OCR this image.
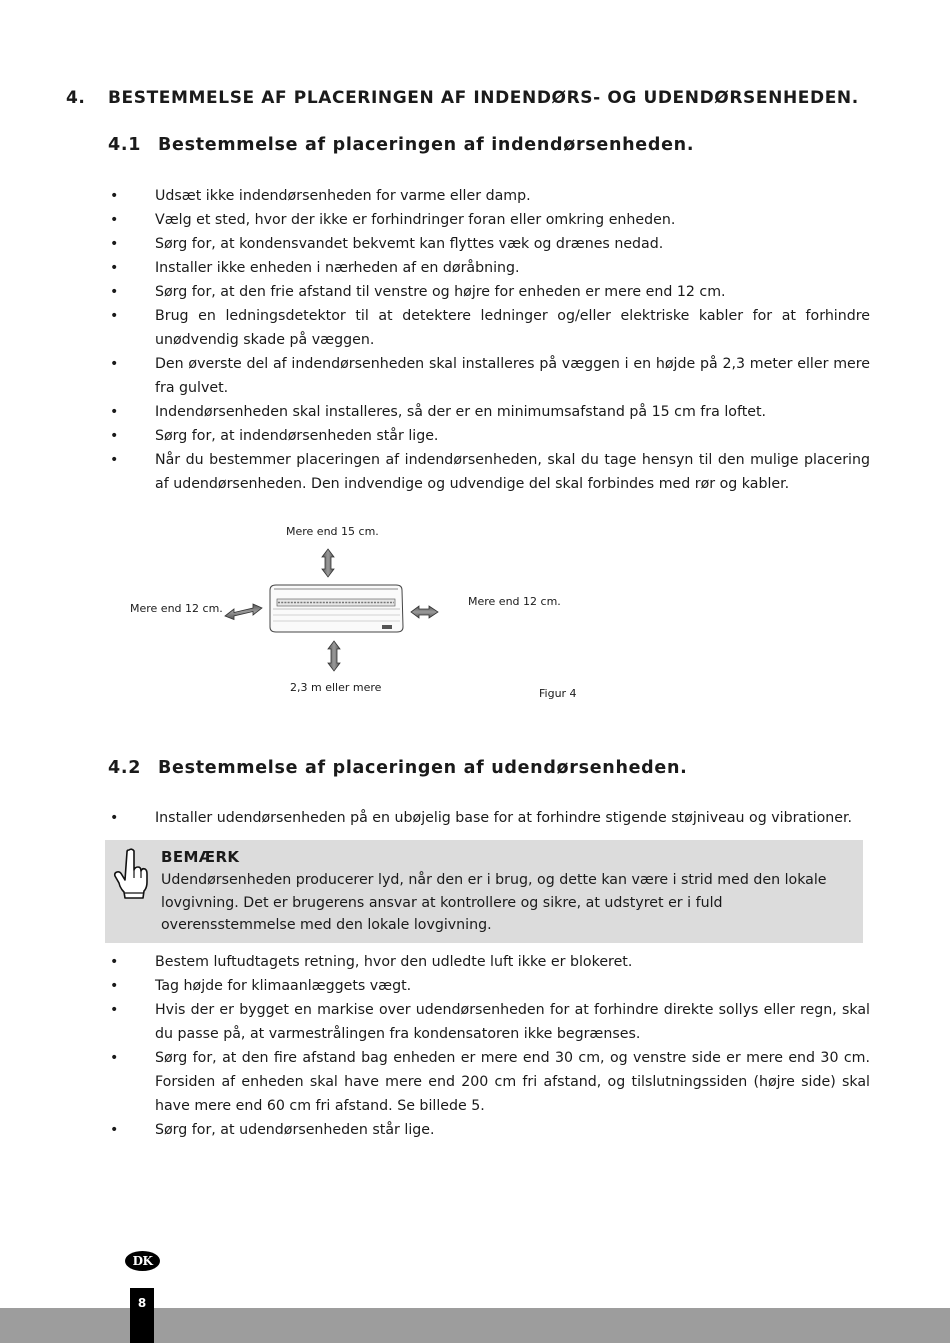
4. BESTEMMELSE AF PLACERINGEN AF INDENDØRS- OG UDENDØRSENHEDEN.
4.1 Bestemmelse af placeringen af indendørsenheden.
•	Udsæt ikke indendørsenheden for varme eller damp.
•	Vælg et sted, hvor der ikke er forhindringer foran eller omkring enheden.
•	Sørg for, at kondensvandet bekvemt kan flyttes væk og drænes nedad.
•	Installer ikke enheden i nærheden af en døråbning.
•	Sørg for, at den frie afstand til venstre og højre for enheden er mere end 12 cm.
•	Brug en ledningsdetektor til at detektere ledninger og/eller elektriske kabler for at forhindre unødvendig skade på væggen.
•	Den øverste del af indendørsenheden skal installeres på væggen i en højde på 2,3 meter eller mere fra gulvet.
•	Indendørsenheden skal installeres, så der er en minimumsafstand på 15 cm fra loftet.
•	Sørg for, at indendørsenheden står lige.
•	Når du bestemmer placeringen af indendørsenheden, skal du tage hensyn til den mulige placering af udendørsenheden. Den indvendige og udvendige del skal forbindes med rør og kabler.
Mere end 15 cm.
Mere end 12 cm.
Mere end 12 cm.
2,3 m eller mere	Figur 4
4.2 Bestemmelse af placeringen af udendørsenheden.
•	Installer udendørsenheden på en ubøjelig base for at forhindre stigende støjniveau og vibrationer.
BEMÆRK
Udendørsenheden producerer lyd, når den er i brug, og dette kan være i strid med den lokale lovgivning. Det er brugerens ansvar at kontrollere og sikre, at udstyret er i fuld overensstemmelse med den lokale lovgivning.
•	Bestem luftudtagets retning, hvor den udledte luft ikke er blokeret.
•	Tag højde for klimaanlæggets vægt.
•	Hvis der er bygget en markise over udendørsenheden for at forhindre direkte sollys eller regn, skal du passe på, at varmestrålingen fra kondensatoren ikke begrænses.
•	Sørg for, at den fire afstand bag enheden er mere end 30 cm, og venstre side er mere end 30 cm. Forsiden af enheden skal have mere end 200 cm fri afstand, og tilslutningssiden (højre side) skal have mere end 60 cm fri afstand. Se billede 5.
•	Sørg for, at udendørsenheden står lige.
DK
8
